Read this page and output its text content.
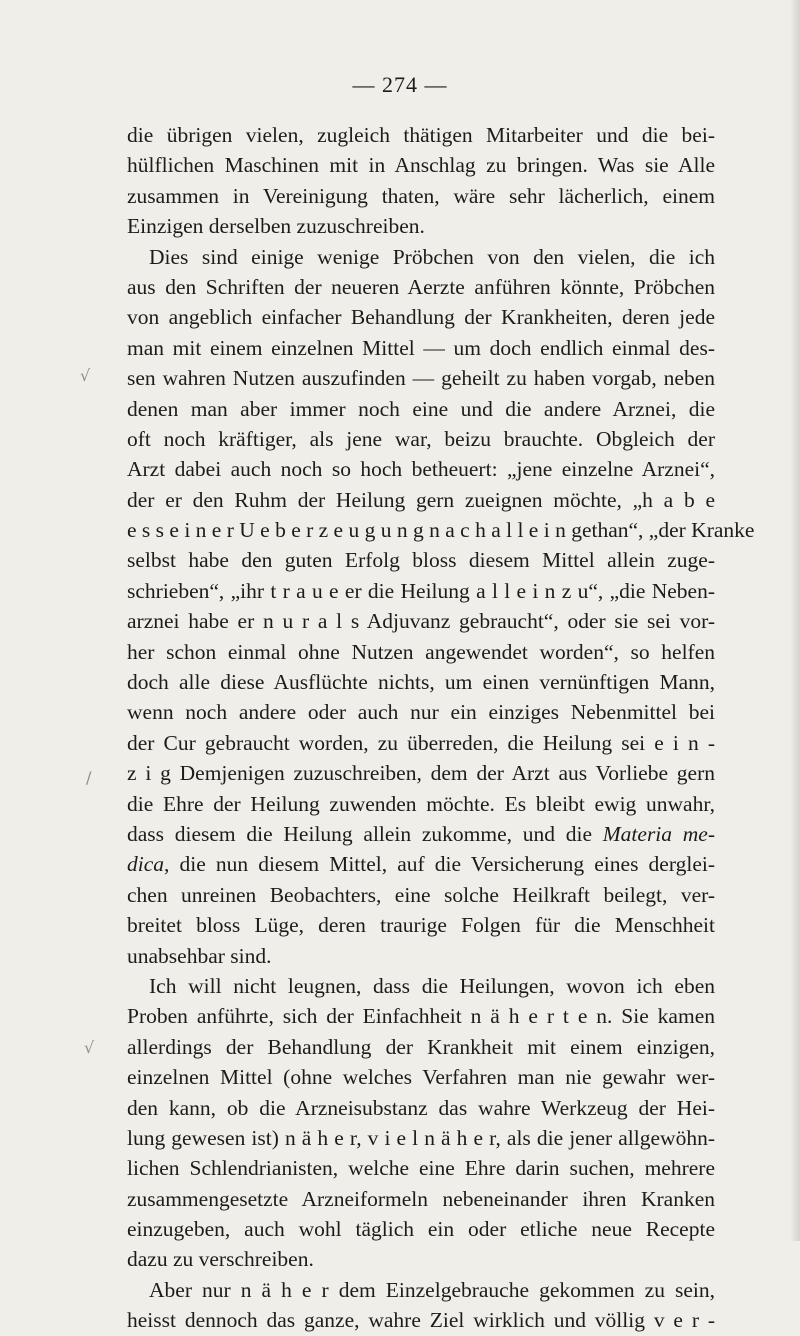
— 274 —
√
/
√
die übrigen vielen, zugleich thätigen Mitarbeiter und die bei-
hülflichen Maschinen mit in Anschlag zu bringen. Was sie Alle
zusammen in Vereinigung thaten, wäre sehr lächerlich, einem
Einzigen derselben zuzuschreiben.
Dies sind einige wenige Pröbchen von den vielen, die ich
aus den Schriften der neueren Aerzte anführen könnte, Pröbchen
von angeblich einfacher Behandlung der Krankheiten, deren jede
man mit einem einzelnen Mittel — um doch endlich einmal des-
sen wahren Nutzen auszufinden — geheilt zu haben vorgab, neben
denen man aber immer noch eine und die andere Arznei, die
oft noch kräftiger, als jene war, beizu brauchte. Obgleich der
Arzt dabei auch noch so hoch betheuert: „jene einzelne Arznei“,
der er den Ruhm der Heilung gern zueignen möchte, „h a b e
e s s e i n e r U e b e r z e u g u n g n a c h a l l e i n gethan“, „der Kranke
selbst habe den guten Erfolg bloss diesem Mittel allein zuge-
schrieben“, „ihr t r a u e er die Heilung a l l e i n z u“, „die Neben-
arznei habe er n u r a l s Adjuvanz gebraucht“, oder sie sei vor-
her schon einmal ohne Nutzen angewendet worden“, so helfen
doch alle diese Ausflüchte nichts, um einen vernünftigen Mann,
wenn noch andere oder auch nur ein einziges Nebenmittel bei
der Cur gebraucht worden, zu überreden, die Heilung sei e i n -
z i g Demjenigen zuzuschreiben, dem der Arzt aus Vorliebe gern
die Ehre der Heilung zuwenden möchte. Es bleibt ewig unwahr,
dass diesem die Heilung allein zukomme, und die Materia me-
dica, die nun diesem Mittel, auf die Versicherung eines derglei-
chen unreinen Beobachters, eine solche Heilkraft beilegt, ver-
breitet bloss Lüge, deren traurige Folgen für die Menschheit
unabsehbar sind.
Ich will nicht leugnen, dass die Heilungen, wovon ich eben
Proben anführte, sich der Einfachheit n ä h e r t e n. Sie kamen
allerdings der Behandlung der Krankheit mit einem einzigen,
einzelnen Mittel (ohne welches Verfahren man nie gewahr wer-
den kann, ob die Arzneisubstanz das wahre Werkzeug der Hei-
lung gewesen ist) n ä h e r, v i e l n ä h e r, als die jener allgewöhn-
lichen Schlendrianisten, welche eine Ehre darin suchen, mehrere
zusammengesetzte Arzneiformeln nebeneinander ihren Kranken
einzugeben, auch wohl täglich ein oder etliche neue Recepte
dazu zu verschreiben.
Aber nur n ä h e r dem Einzelgebrauche gekommen zu sein,
heisst dennoch das ganze, wahre Ziel wirklich und völlig v e r -
